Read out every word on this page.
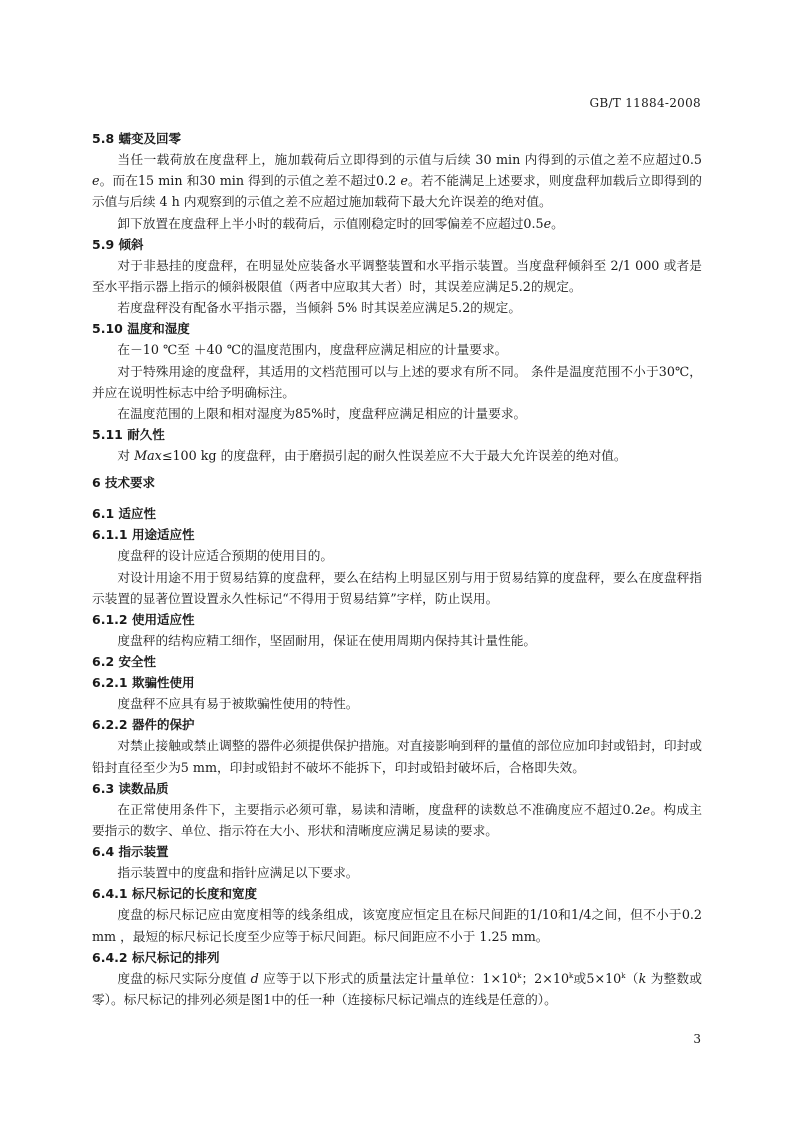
GB/T 11884-2008
5.8 蠕变及回零
当任一载荷放在度盘秤上，施加载荷后立即得到的示值与后续 30 min 内得到的示值之差不应超过0.5 e。而在15 min 和30 min 得到的示值之差不超过0.2 e。若不能满足上述要求，则度盘秤加载后立即得到的示值与后续 4 h 内观察到的示值之差不应超过施加载荷下最大允许误差的绝对值。
卸下放置在度盘秤上半小时的载荷后，示值刚稳定时的回零偏差不应超过0.5e。
5.9 倾斜
对于非悬挂的度盘秤，在明显处应装备水平调整装置和水平指示装置。当度盘秤倾斜至 2/1 000 或者是至水平指示器上指示的倾斜极限值（两者中应取其大者）时，其误差应满足5.2的规定。
若度盘秤没有配备水平指示器，当倾斜 5% 时其误差应满足5.2的规定。
5.10 温度和湿度
在－10 ℃至 ＋40 ℃的温度范围内，度盘秤应满足相应的计量要求。
对于特殊用途的度盘秤，其适用的文档范围可以与上述的要求有所不同。 条件是温度范围不小于30℃，并应在说明性标志中给予明确标注。
在温度范围的上限和相对湿度为85%时，度盘秤应满足相应的计量要求。
5.11 耐久性
对 Max≤100 kg 的度盘秤，由于磨损引起的耐久性误差应不大于最大允许误差的绝对值。
6 技术要求
6.1 适应性
6.1.1 用途适应性
度盘秤的设计应适合预期的使用目的。
对设计用途不用于贸易结算的度盘秤，要么在结构上明显区别与用于贸易结算的度盘秤，要么在度盘秤指示装置的显著位置设置永久性标记“不得用于贸易结算”字样，防止误用。
6.1.2 使用适应性
度盘秤的结构应精工细作，坚固耐用，保证在使用周期内保持其计量性能。
6.2 安全性
6.2.1 欺骗性使用
度盘秤不应具有易于被欺骗性使用的特性。
6.2.2 器件的保护
对禁止接触或禁止调整的器件必须提供保护措施。对直接影响到秤的量值的部位应加印封或铅封，印封或铅封直径至少为5 mm，印封或铅封不破坏不能拆下，印封或铅封破坏后，合格即失效。
6.3 读数品质
在正常使用条件下，主要指示必须可靠，易读和清晰，度盘秤的读数总不准确度应不超过0.2e。构成主要指示的数字、单位、指示符在大小、形状和清晰度应满足易读的要求。
6.4 指示装置
指示装置中的度盘和指针应满足以下要求。
6.4.1 标尺标记的长度和宽度
度盘的标尺标记应由宽度相等的线条组成，该宽度应恒定且在标尺间距的1/10和1/4之间，但不小于0.2 mm ，最短的标尺标记长度至少应等于标尺间距。标尺间距应不小于 1.25 mm。
6.4.2 标尺标记的排列
度盘的标尺实际分度值 d 应等于以下形式的质量法定计量单位：$1\times 10^k$；$2\times 10^k$或$5\times 10^k(k$ 为整数或零）。标尺标记的排列必须是图1中的任一种（连接标尺标记端点的连线是任意的）。
3
